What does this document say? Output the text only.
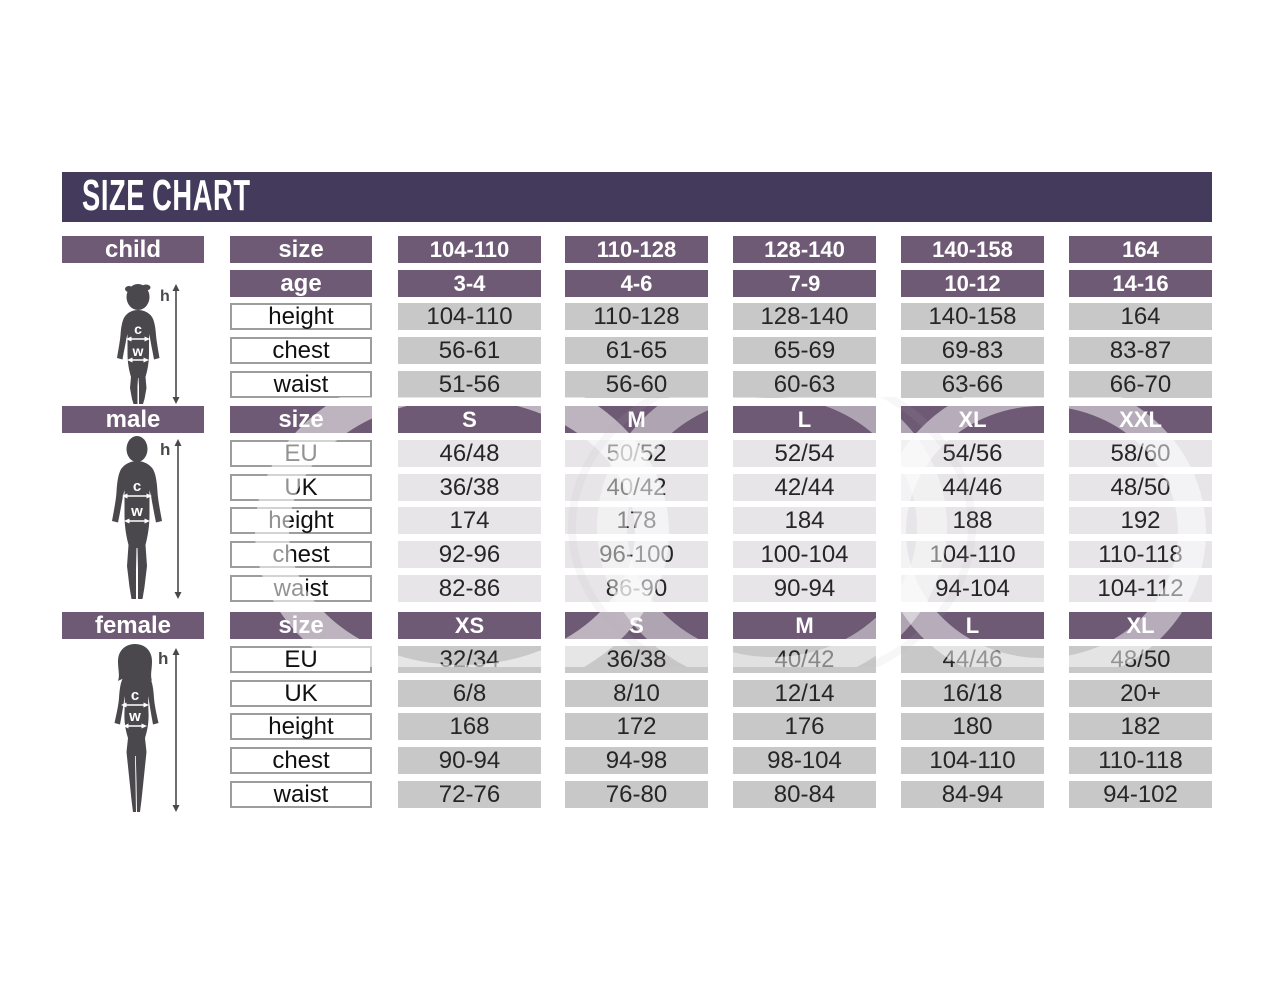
SIZE CHART
child	size	104-110	110-128	128-140	140-158	164
age	3-4	4-6	7-9	10-12	14-16
height	104-110	110-128	128-140	140-158	164
chest	56-61	61-65	65-69	69-83	83-87
waist	51-56	56-60	60-63	63-66	66-70
male	size	S	M	L	XL	XXL
EU	46/48	50/52	52/54	54/56	58/60
UK	36/38	40/42	42/44	44/46	48/50
height	174	178	184	188	192
chest	92-96	96-100	100-104	104-110	110-118
waist	82-86	86-90	90-94	94-104	104-112
female	size	XS	S	M	L	XL
EU	32/34	36/38	40/42	44/46	48/50
UK	6/8	8/10	12/14	16/18	20+
height	168	172	176	180	182
chest	90-94	94-98	98-104	104-110	110-118
waist	72-76	76-80	80-84	84-94	94-102
h
c
w
h
c
w
h
c
w
